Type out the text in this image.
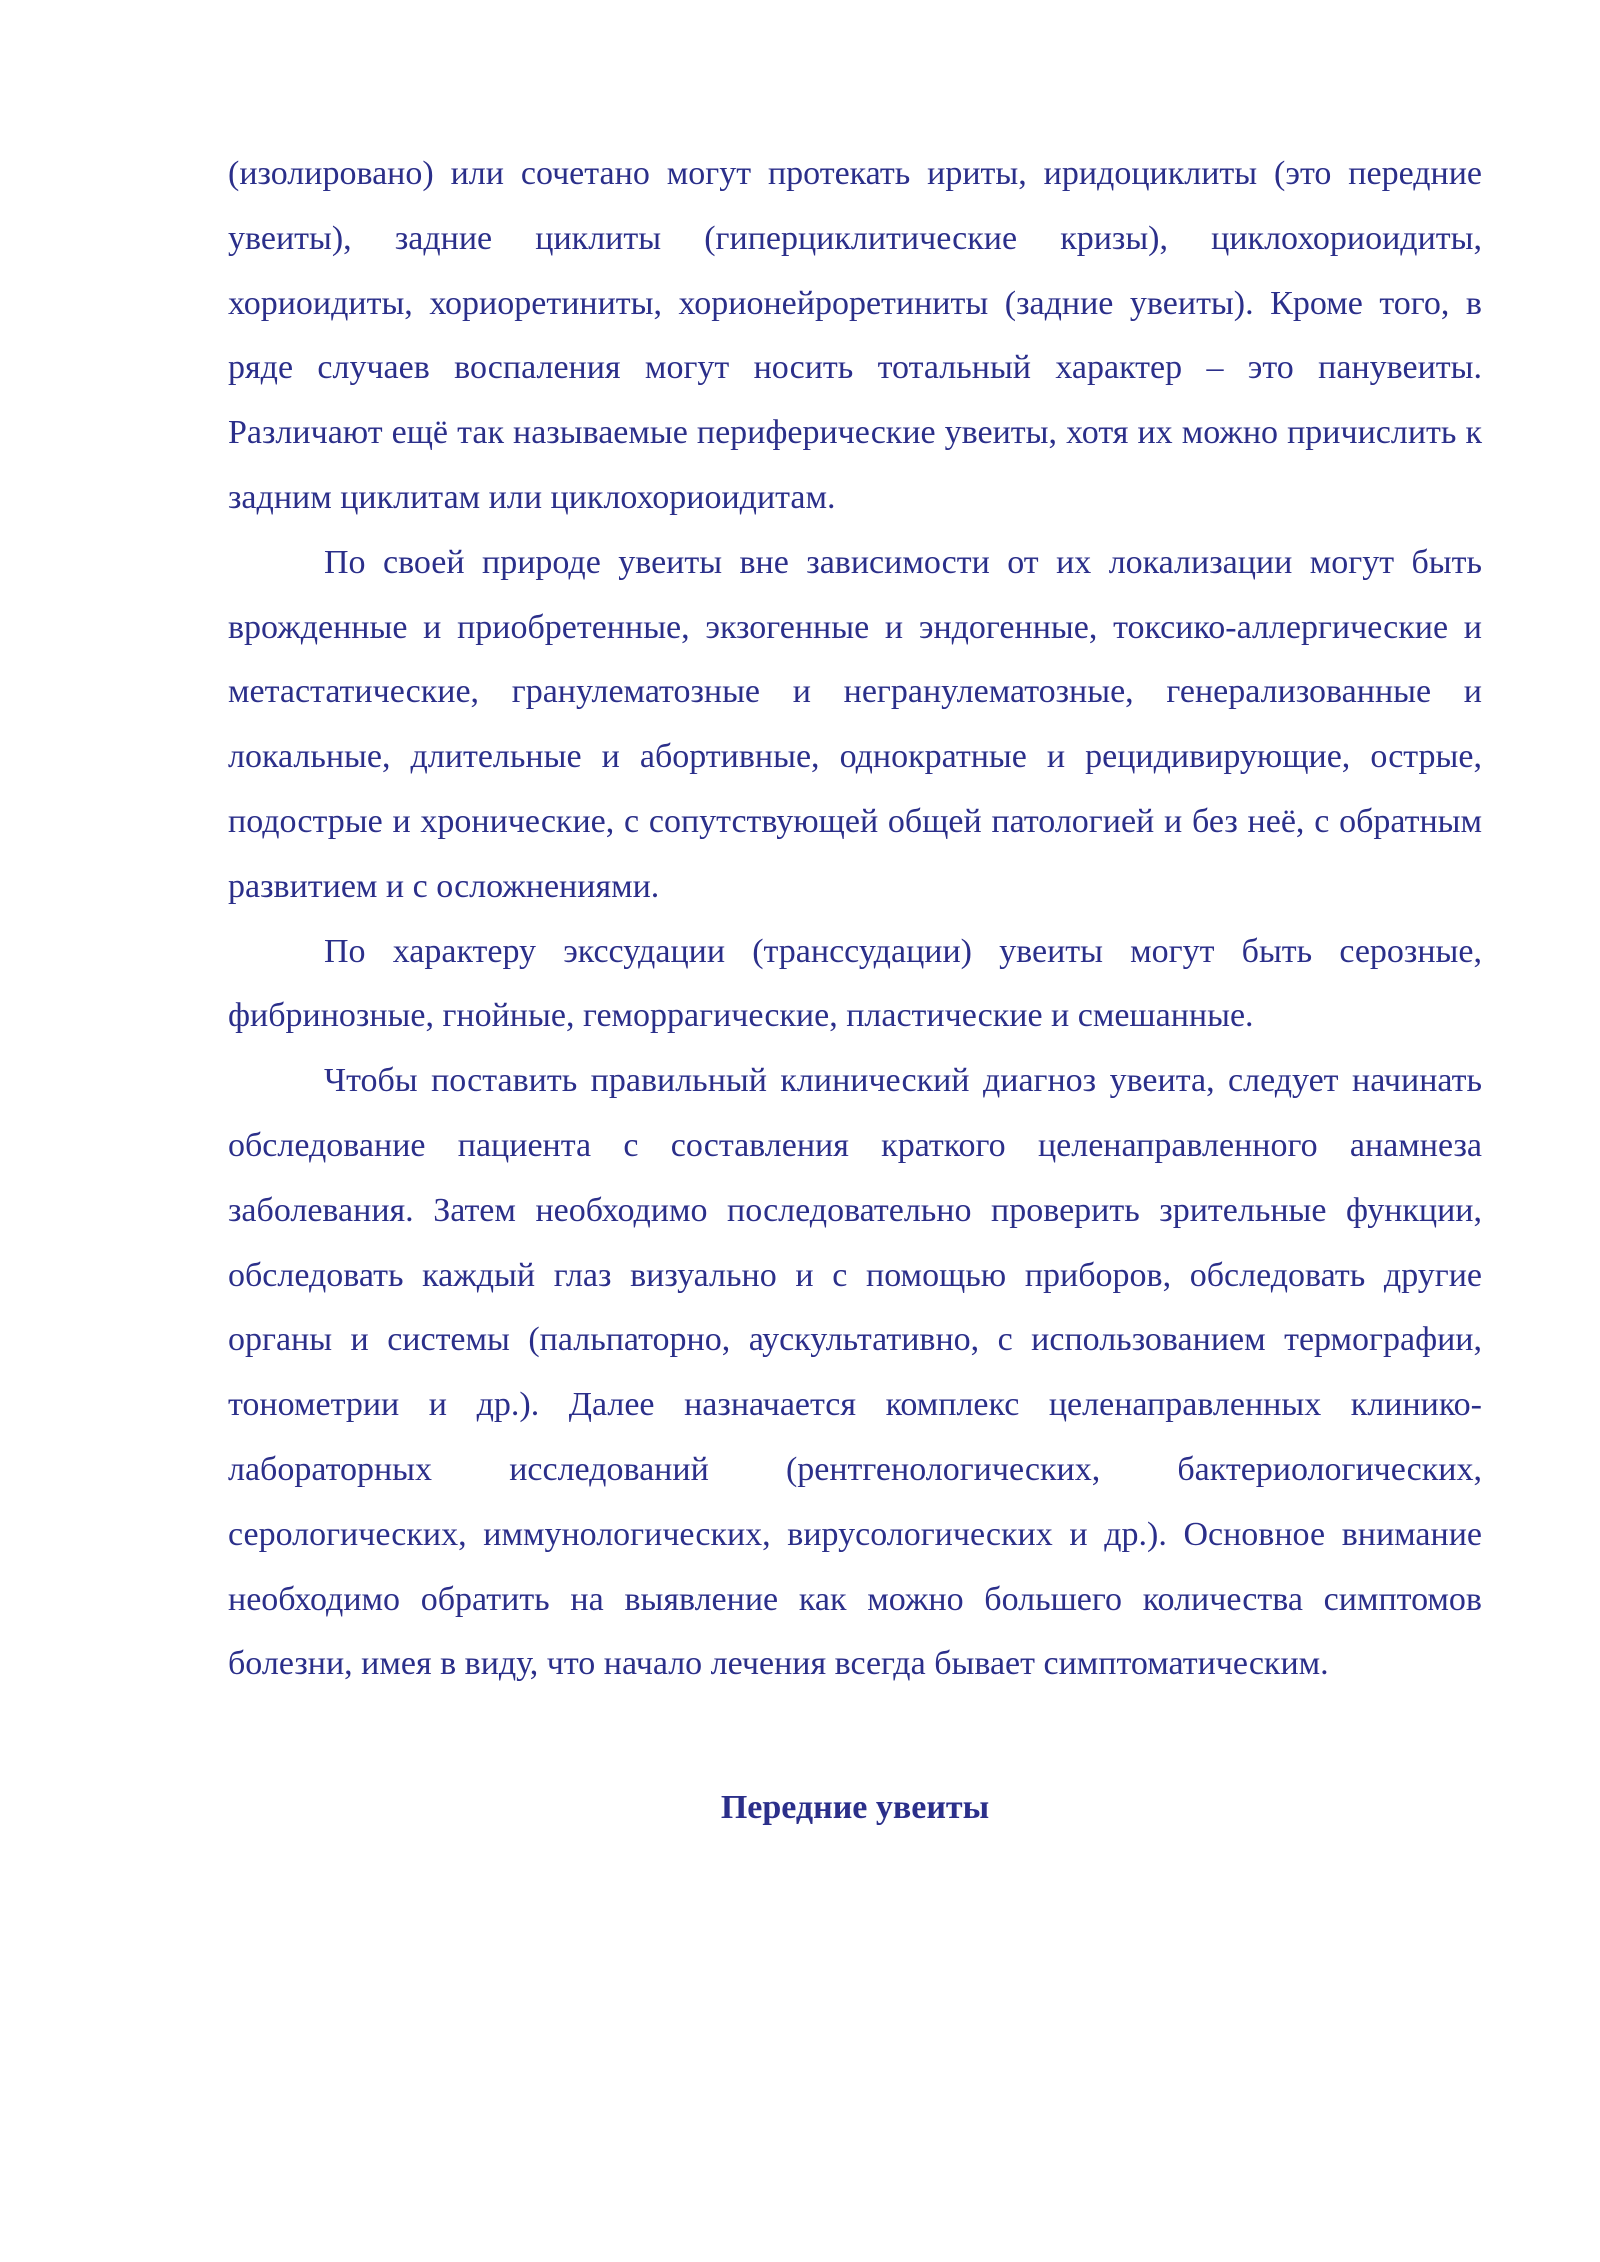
(изолировано) или сочетано могут протекать ириты, иридоциклиты (это передние увеиты), задние циклиты (гиперциклитические кризы), циклохориоидиты, хориоидиты, хориоретиниты, хорионейроретиниты (задние увеиты). Кроме того, в ряде случаев воспаления могут носить тотальный характер – это панувеиты. Различают ещё так называемые периферические увеиты, хотя их можно причислить к задним циклитам или циклохориоидитам.

По своей природе увеиты вне зависимости от их локализации могут быть врожденные и приобретенные, экзогенные и эндогенные, токсико-аллергические и метастатические, гранулематозные и негранулематозные, генерализованные и локальные, длительные и абортивные, однократные и рецидивирующие, острые, подострые и хронические, с сопутствующей общей патологией и без неё, с обратным развитием и с осложнениями.

По характеру экссудации (транссудации) увеиты могут быть серозные, фибринозные, гнойные, геморрагические, пластические и смешанные.

Чтобы поставить правильный клинический диагноз увеита, следует начинать обследование пациента с составления краткого целенаправленного анамнеза заболевания. Затем необходимо последовательно проверить зрительные функции, обследовать каждый глаз визуально и с помощью приборов, обследовать другие органы и системы (пальпаторно, аускультативно, с использованием термографии, тонометрии и др.). Далее назначается комплекс целенаправленных клинико-лабораторных исследований (рентгенологических, бактериологических, серологических, иммунологических, вирусологических и др.). Основное внимание необходимо обратить на выявление как можно большего количества симптомов болезни, имея в виду, что начало лечения всегда бывает симптоматическим.

Передние увеиты
